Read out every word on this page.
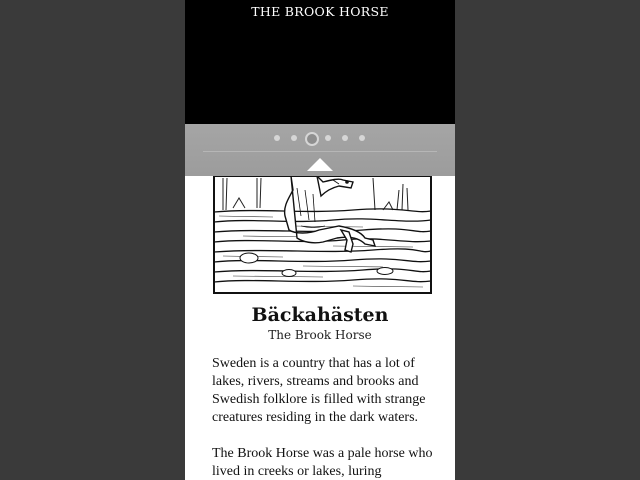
THE BROOK HORSE
Bäckahästen
The Brook Horse

Sweden is a country that has a lot of lakes, rivers, streams and brooks and Swedish folklore is filled with strange creatures residing in the dark waters.

The Brook Horse was a pale horse who lived in creeks or lakes, luring
